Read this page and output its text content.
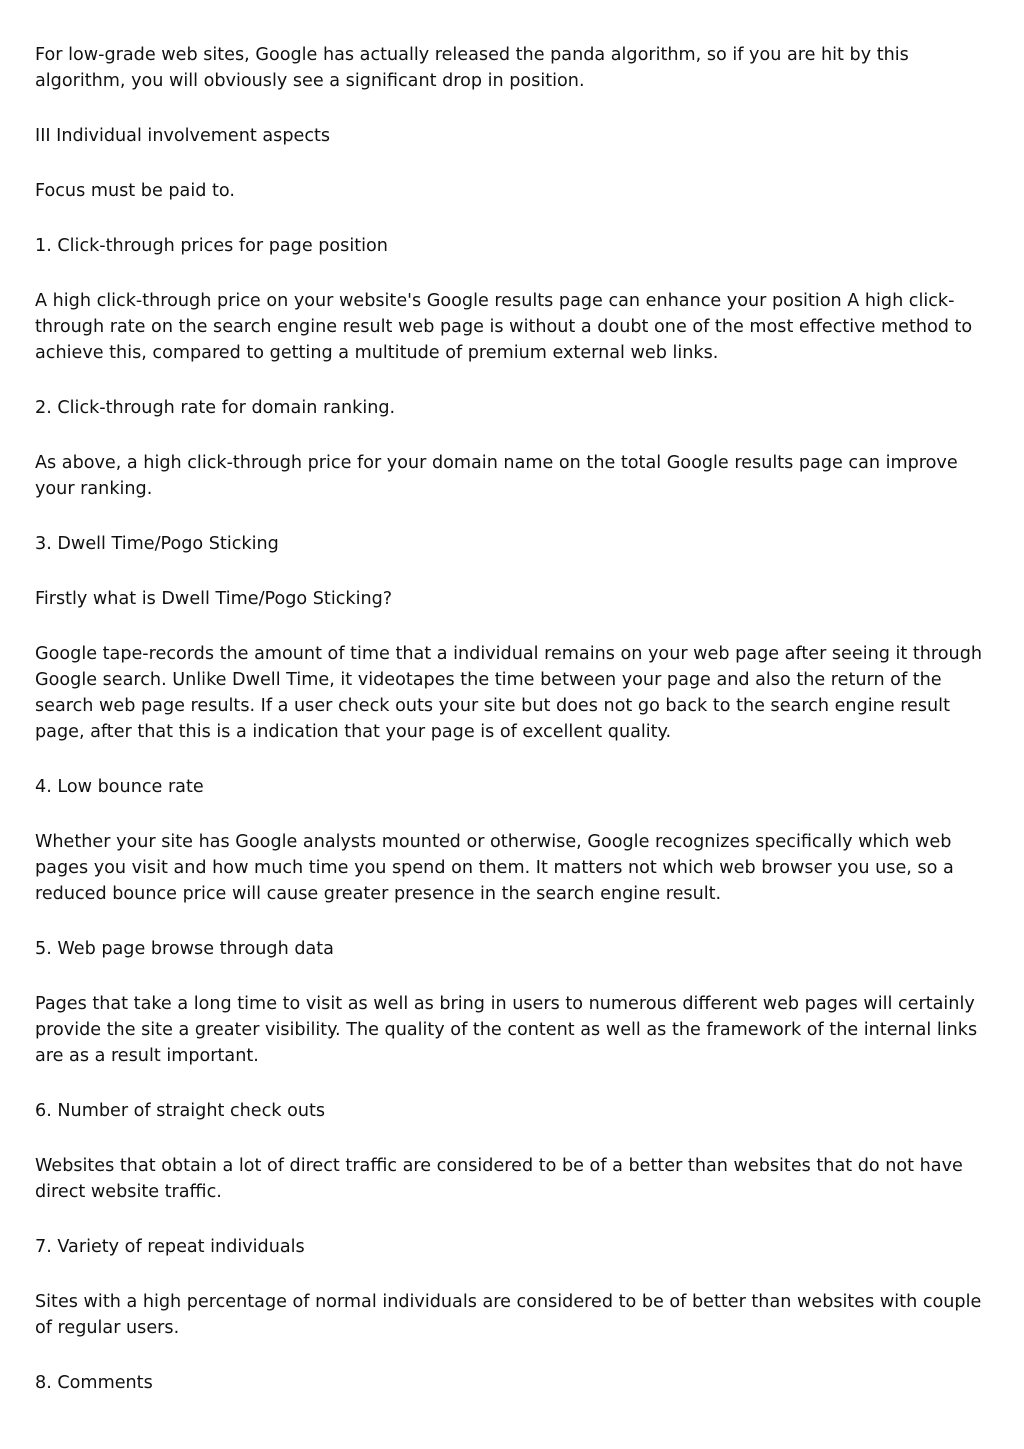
For low-grade web sites, Google has actually released the panda algorithm, so if you are hit by this algorithm, you will obviously see a significant drop in position.

III Individual involvement aspects

Focus must be paid to.

1. Click-through prices for page position

A high click-through price on your website's Google results page can enhance your position A high click-through rate on the search engine result web page is without a doubt one of the most effective method to achieve this, compared to getting a multitude of premium external web links.

2. Click-through rate for domain ranking.

As above, a high click-through price for your domain name on the total Google results page can improve your ranking.

3. Dwell Time/Pogo Sticking

Firstly what is Dwell Time/Pogo Sticking?

Google tape-records the amount of time that a individual remains on your web page after seeing it through Google search. Unlike Dwell Time, it videotapes the time between your page and also the return of the search web page results. If a user check outs your site but does not go back to the search engine result page, after that this is a indication that your page is of excellent quality.

4. Low bounce rate

Whether your site has Google analysts mounted or otherwise, Google recognizes specifically which web pages you visit and how much time you spend on them. It matters not which web browser you use, so a reduced bounce price will cause greater presence in the search engine result.

5. Web page browse through data

Pages that take a long time to visit as well as bring in users to numerous different web pages will certainly provide the site a greater visibility. The quality of the content as well as the framework of the internal links are as a result important.

6. Number of straight check outs

Websites that obtain a lot of direct traffic are considered to be of a better than websites that do not have direct website traffic.

7. Variety of repeat individuals

Sites with a high percentage of normal individuals are considered to be of better than websites with couple of regular users.

8. Comments
